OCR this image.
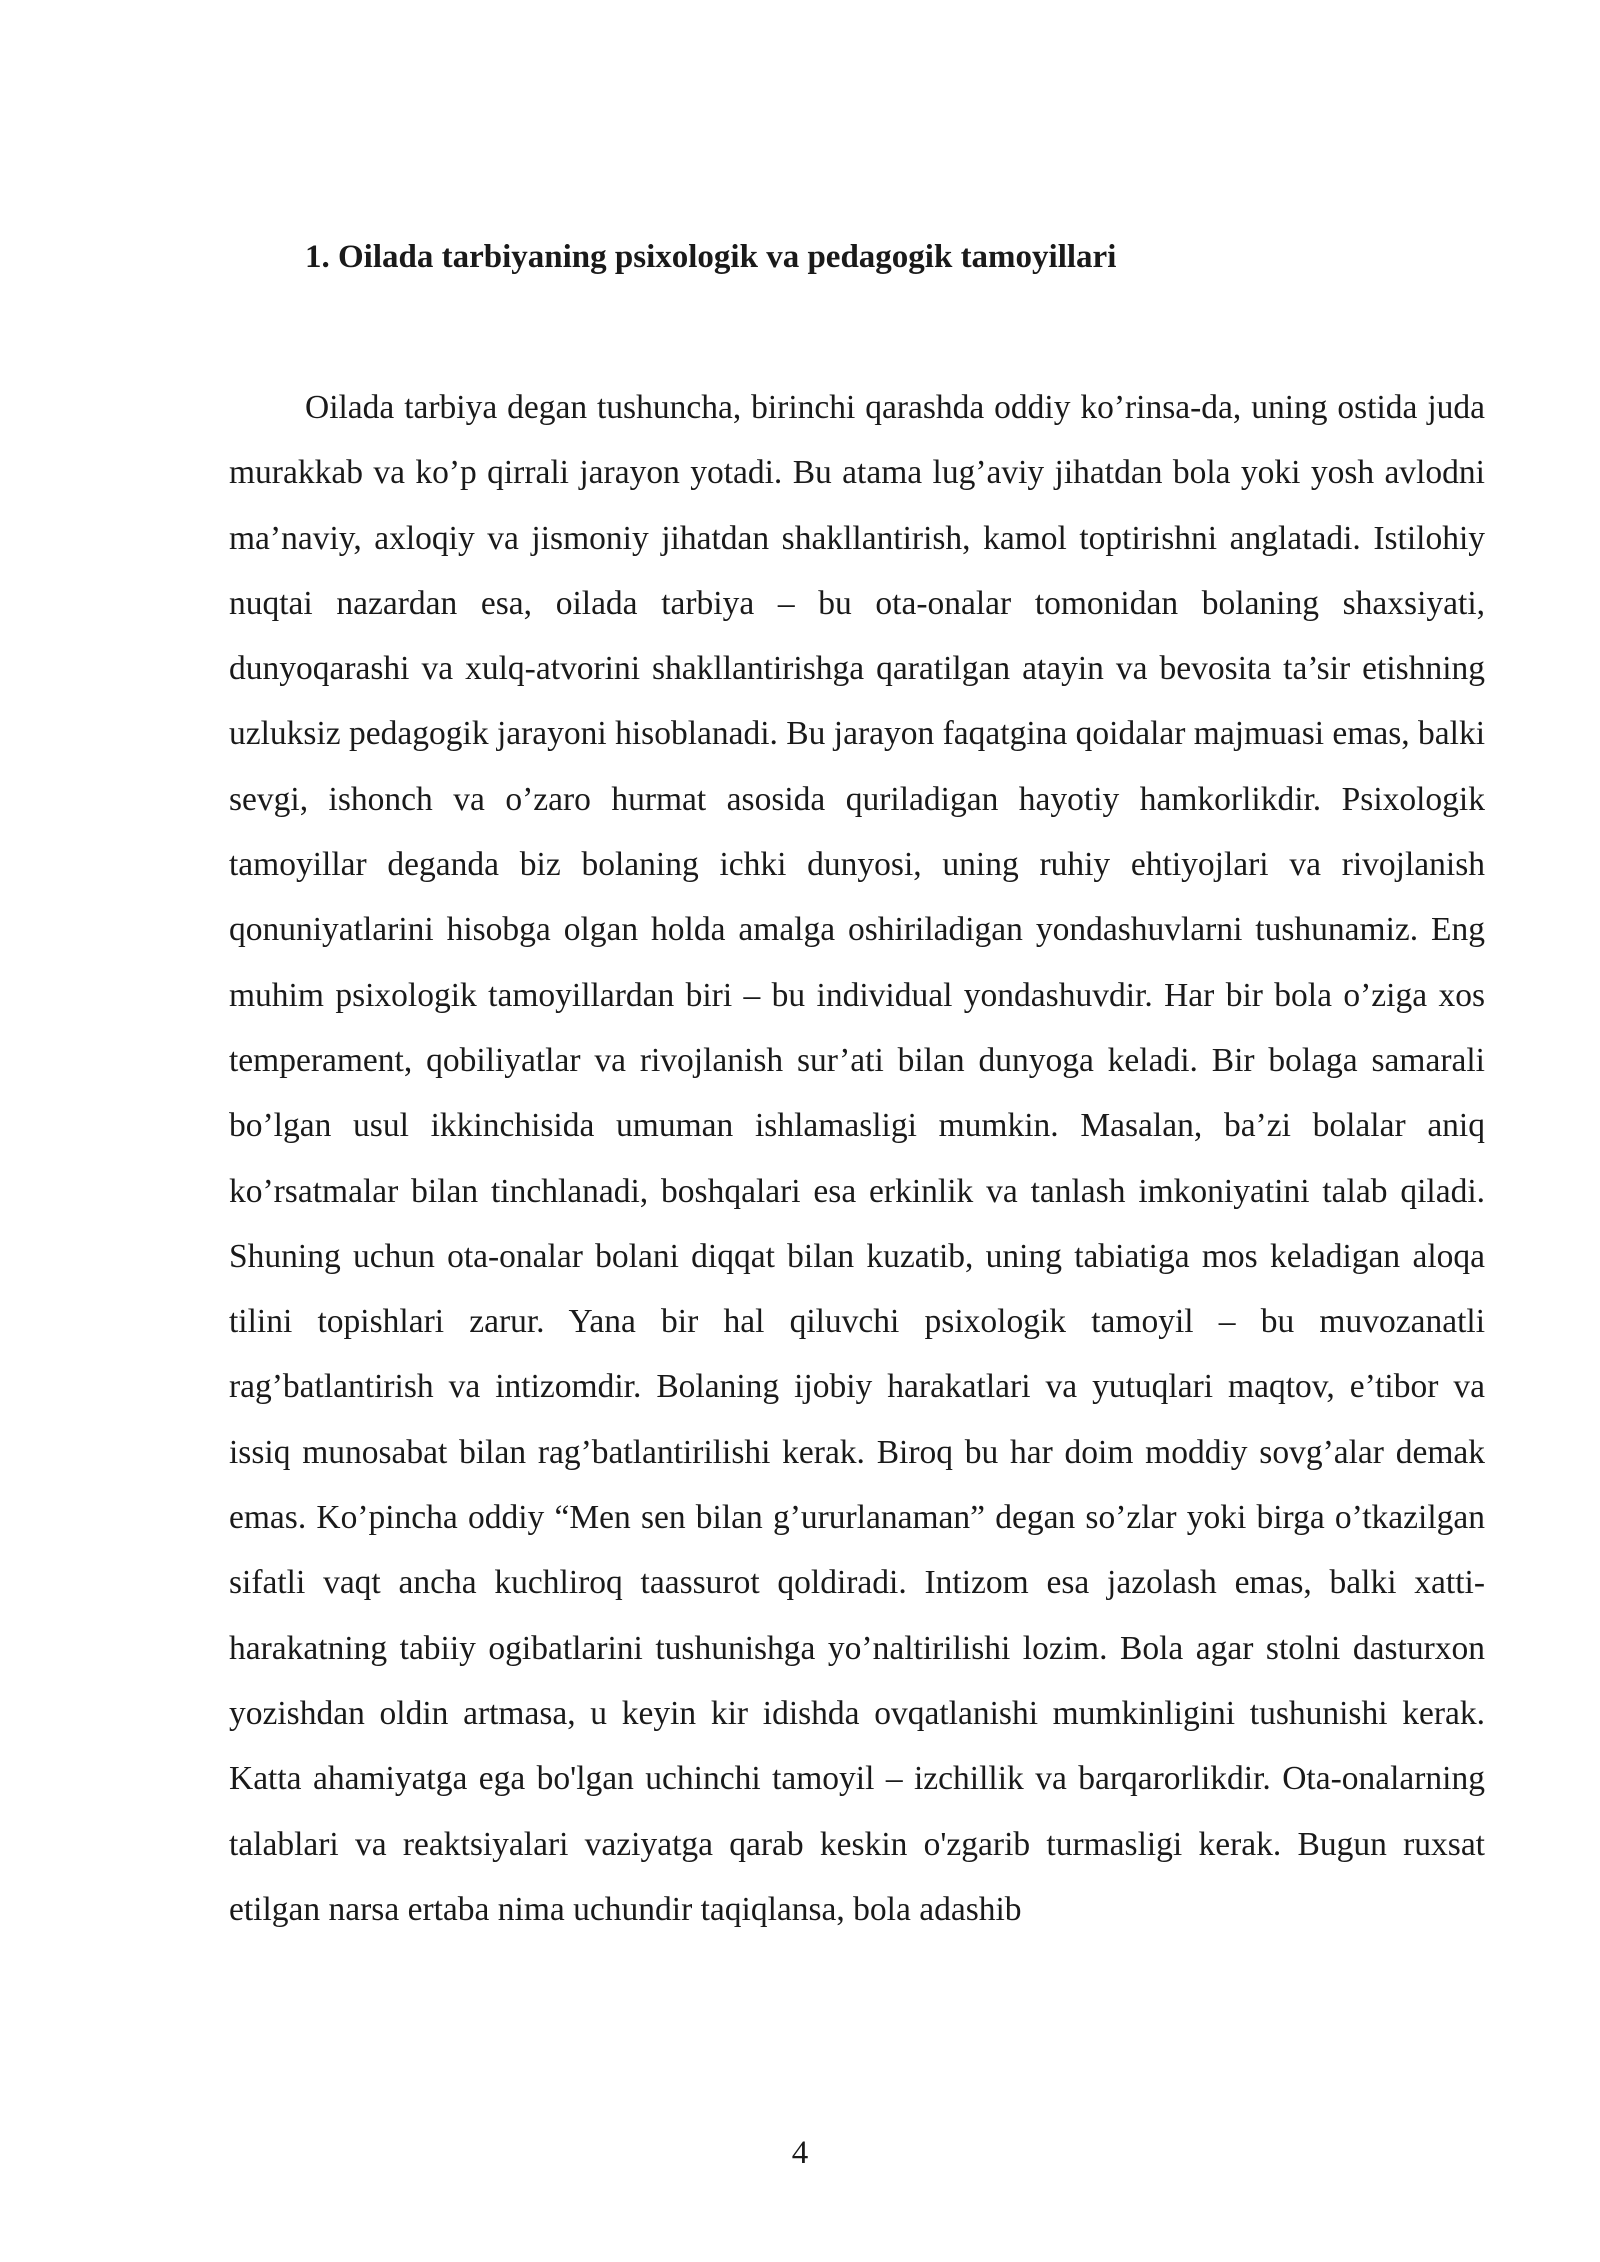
1. Oilada tarbiyaning psixologik va pedagogik tamoyillari

Oilada tarbiya degan tushuncha, birinchi qarashda oddiy ko’rinsa-da, uning ostida juda murakkab va ko’p qirrali jarayon yotadi. Bu atama lug’aviy jihatdan bola yoki yosh avlodni ma’naviy, axloqiy va jismoniy jihatdan shakllantirish, kamol toptirishni anglatadi. Istilohiy nuqtai nazardan esa, oilada tarbiya – bu ota-onalar tomonidan bolaning shaxsiyati, dunyoqarashi va xulq-atvorini shakllantirishga qaratilgan atayin va bevosita ta’sir etishning uzluksiz pedagogik jarayoni hisoblanadi. Bu jarayon faqatgina qoidalar majmuasi emas, balki sevgi, ishonch va o’zaro hurmat asosida quriladigan hayotiy hamkorlikdir. Psixologik tamoyillar deganda biz bolaning ichki dunyosi, uning ruhiy ehtiyojlari va rivojlanish qonuniyatlarini hisobga olgan holda amalga oshiriladigan yondashuvlarni tushunamiz. Eng muhim psixologik tamoyillardan biri – bu individual yondashuvdir. Har bir bola o’ziga xos temperament, qobiliyatlar va rivojlanish sur’ati bilan dunyoga keladi. Bir bolaga samarali bo’lgan usul ikkinchisida umuman ishlamasligi mumkin. Masalan, ba’zi bolalar aniq ko’rsatmalar bilan tinchlanadi, boshqalari esa erkinlik va tanlash imkoniyatini talab qiladi. Shuning uchun ota-onalar bolani diqqat bilan kuzatib, uning tabiatiga mos keladigan aloqa tilini topishlari zarur. Yana bir hal qiluvchi psixologik tamoyil – bu muvozanatli rag’batlantirish va intizomdir. Bolaning ijobiy harakatlari va yutuqlari maqtov, e’tibor va issiq munosabat bilan rag’batlantirilishi kerak. Biroq bu har doim moddiy sovg’alar demak emas. Ko’pincha oddiy “Men sen bilan g’ururlanaman” degan so’zlar yoki birga o’tkazilgan sifatli vaqt ancha kuchliroq taassurot qoldiradi. Intizom esa jazolash emas, balki xatti-harakatning tabiiy ogibatlarini tushunishga yo’naltirilishi lozim. Bola agar stolni dasturxon yozishdan oldin artmasa, u keyin kir idishda ovqatlanishi mumkinligini tushunishi kerak. Katta ahamiyatga ega bo'lgan uchinchi tamoyil – izchillik va barqarorlikdir. Ota-onalarning talablari va reaktsiyalari vaziyatga qarab keskin o'zgarib turmasligi kerak. Bugun ruxsat etilgan narsa ertaba nima uchundir taqiqlansa, bola adashib

4
